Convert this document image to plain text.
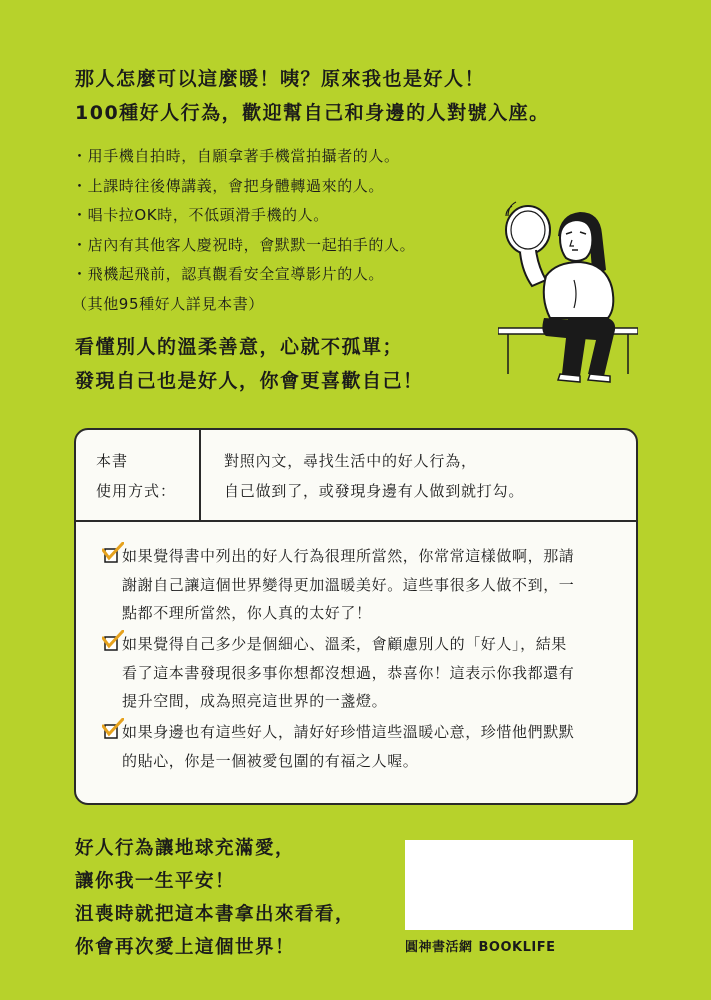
那人怎麼可以這麼暖！咦？原來我也是好人！
100種好人行為，歡迎幫自己和身邊的人對號入座。
・用手機自拍時，自願拿著手機當拍攝者的人。
・上課時往後傳講義，會把身體轉過來的人。
・唱卡拉OK時，不低頭滑手機的人。
・店內有其他客人慶祝時，會默默一起拍手的人。
・飛機起飛前，認真觀看安全宣導影片的人。
（其他95種好人詳見本書）
看懂別人的溫柔善意，心就不孤單；
發現自己也是好人，你會更喜歡自己！
本書
使用方式：
對照內文，尋找生活中的好人行為，
自己做到了，或發現身邊有人做到就打勾。
如果覺得書中列出的好人行為很理所當然，你常常這樣做啊，那請
謝謝自己讓這個世界變得更加溫暖美好。這些事很多人做不到，一
點都不理所當然，你人真的太好了！
如果覺得自己多少是個細心、溫柔，會顧慮別人的「好人」，結果
看了這本書發現很多事你想都沒想過，恭喜你！這表示你我都還有
提升空間，成為照亮這世界的一盞燈。
如果身邊也有這些好人，請好好珍惜這些溫暖心意，珍惜他們默默
的貼心，你是一個被愛包圍的有福之人喔。
好人行為讓地球充滿愛，
讓你我一生平安！
沮喪時就把這本書拿出來看看，
你會再次愛上這個世界！	圓神書活網 BOOKLIFE
